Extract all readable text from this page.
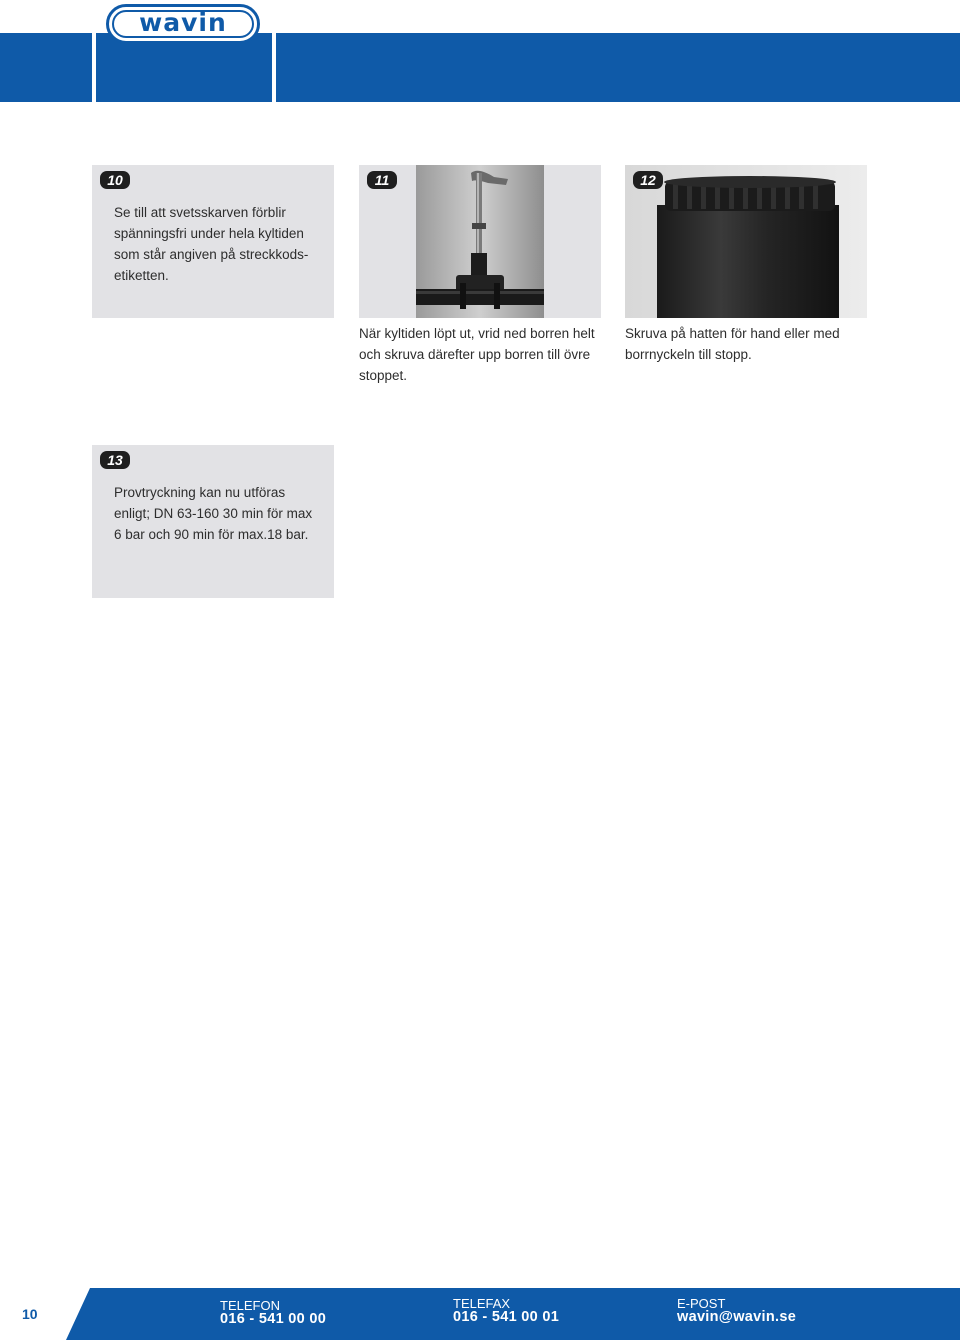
wavin
10
Se till att svetsskarven förblir
spänningsfri under hela kyltiden
som står angiven på streckkods-
etiketten.
När kyltiden löpt ut, vrid ned borren helt
och skruva därefter upp borren till övre
stoppet.
11	12
Skruva på hatten för hand eller med
borrnyckeln till stopp.
13
Provtryckning kan nu utföras
enligt; DN 63-160 30 min för max
6 bar och 90 min för max.18 bar.
10
TELEFON
016 - 541 00 00
TELEFAX
016 - 541 00 01
E-POST
wavin@wavin.se
